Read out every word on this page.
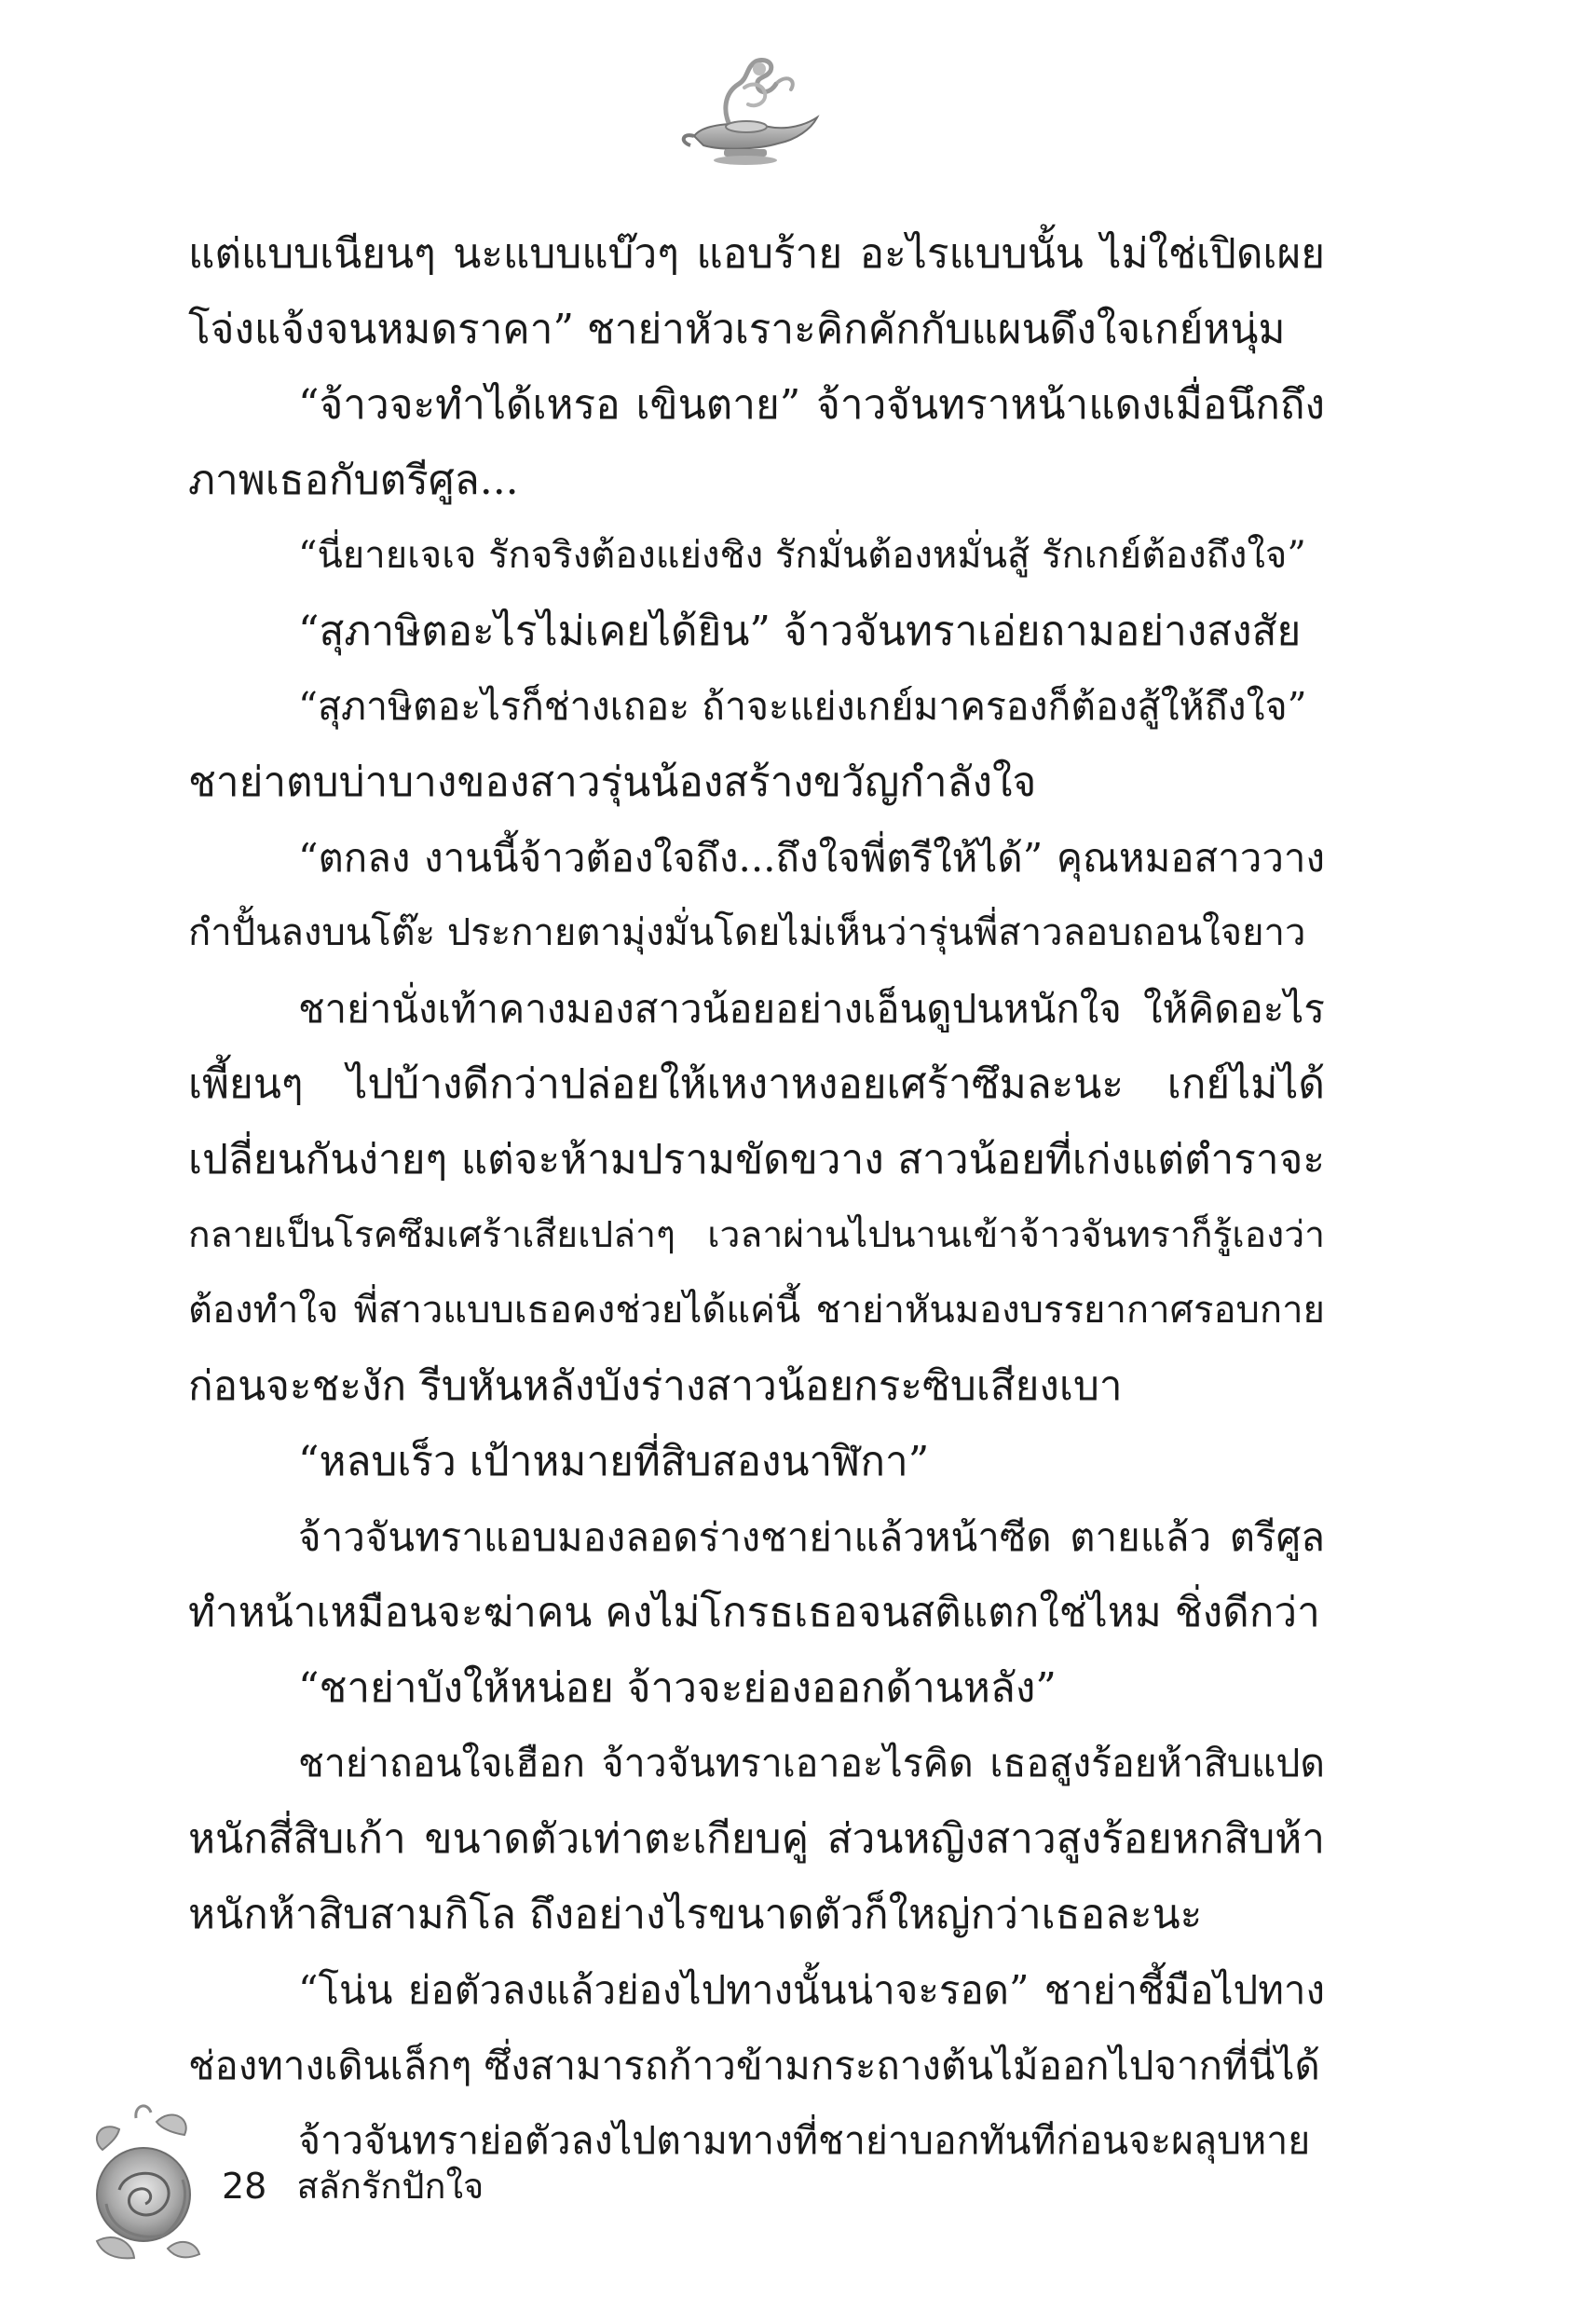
แต่แบบเนียนๆ นะแบบแบ๊วๆ แอบร้าย อะไรแบบนั้น ไม่ใช่เปิดเผย
โจ่งแจ้งจนหมดราคา” ชาย่าหัวเราะคิกคักกับแผนดึงใจเกย์หนุ่ม
“จ้าวจะทำได้เหรอ เขินตาย” จ้าวจันทราหน้าแดงเมื่อนึกถึง
ภาพเธอกับตรีศูล...
“นี่ยายเจเจ รักจริงต้องแย่งชิง รักมั่นต้องหมั่นสู้ รักเกย์ต้องถึงใจ”
“สุภาษิตอะไรไม่เคยได้ยิน” จ้าวจันทราเอ่ยถามอย่างสงสัย
“สุภาษิตอะไรก็ช่างเถอะ ถ้าจะแย่งเกย์มาครองก็ต้องสู้ให้ถึงใจ”
ชาย่าตบบ่าบางของสาวรุ่นน้องสร้างขวัญกำลังใจ
“ตกลง งานนี้จ้าวต้องใจถึง...ถึงใจพี่ตรีให้ได้” คุณหมอสาววาง
กำปั้นลงบนโต๊ะ ประกายตามุ่งมั่นโดยไม่เห็นว่ารุ่นพี่สาวลอบถอนใจยาว
ชาย่านั่งเท้าคางมองสาวน้อยอย่างเอ็นดูปนหนักใจ ให้คิดอะไร
เพี้ยนๆ ไปบ้างดีกว่าปล่อยให้เหงาหงอยเศร้าซึมละนะ เกย์ไม่ได้
เปลี่ยนกันง่ายๆ แต่จะห้ามปรามขัดขวาง สาวน้อยที่เก่งแต่ตำราจะ
กลายเป็นโรคซึมเศร้าเสียเปล่าๆ เวลาผ่านไปนานเข้าจ้าวจันทราก็รู้เองว่า
ต้องทำใจ พี่สาวแบบเธอคงช่วยได้แค่นี้ ชาย่าหันมองบรรยากาศรอบกาย
ก่อนจะชะงัก รีบหันหลังบังร่างสาวน้อยกระซิบเสียงเบา
“หลบเร็ว เป้าหมายที่สิบสองนาฬิกา”
จ้าวจันทราแอบมองลอดร่างชาย่าแล้วหน้าซีด ตายแล้ว ตรีศูล
ทำหน้าเหมือนจะฆ่าคน คงไม่โกรธเธอจนสติแตกใช่ไหม ชิ่งดีกว่า
“ชาย่าบังให้หน่อย จ้าวจะย่องออกด้านหลัง”
ชาย่าถอนใจเฮือก จ้าวจันทราเอาอะไรคิด เธอสูงร้อยห้าสิบแปด
หนักสี่สิบเก้า ขนาดตัวเท่าตะเกียบคู่ ส่วนหญิงสาวสูงร้อยหกสิบห้า
หนักห้าสิบสามกิโล ถึงอย่างไรขนาดตัวก็ใหญ่กว่าเธอละนะ
“โน่น ย่อตัวลงแล้วย่องไปทางนั้นน่าจะรอด” ชาย่าชี้มือไปทาง
ช่องทางเดินเล็กๆ ซึ่งสามารถก้าวข้ามกระถางต้นไม้ออกไปจากที่นี่ได้
จ้าวจันทราย่อตัวลงไปตามทางที่ชาย่าบอกทันทีก่อนจะผลุบหาย
28 สลักรักปักใจ
